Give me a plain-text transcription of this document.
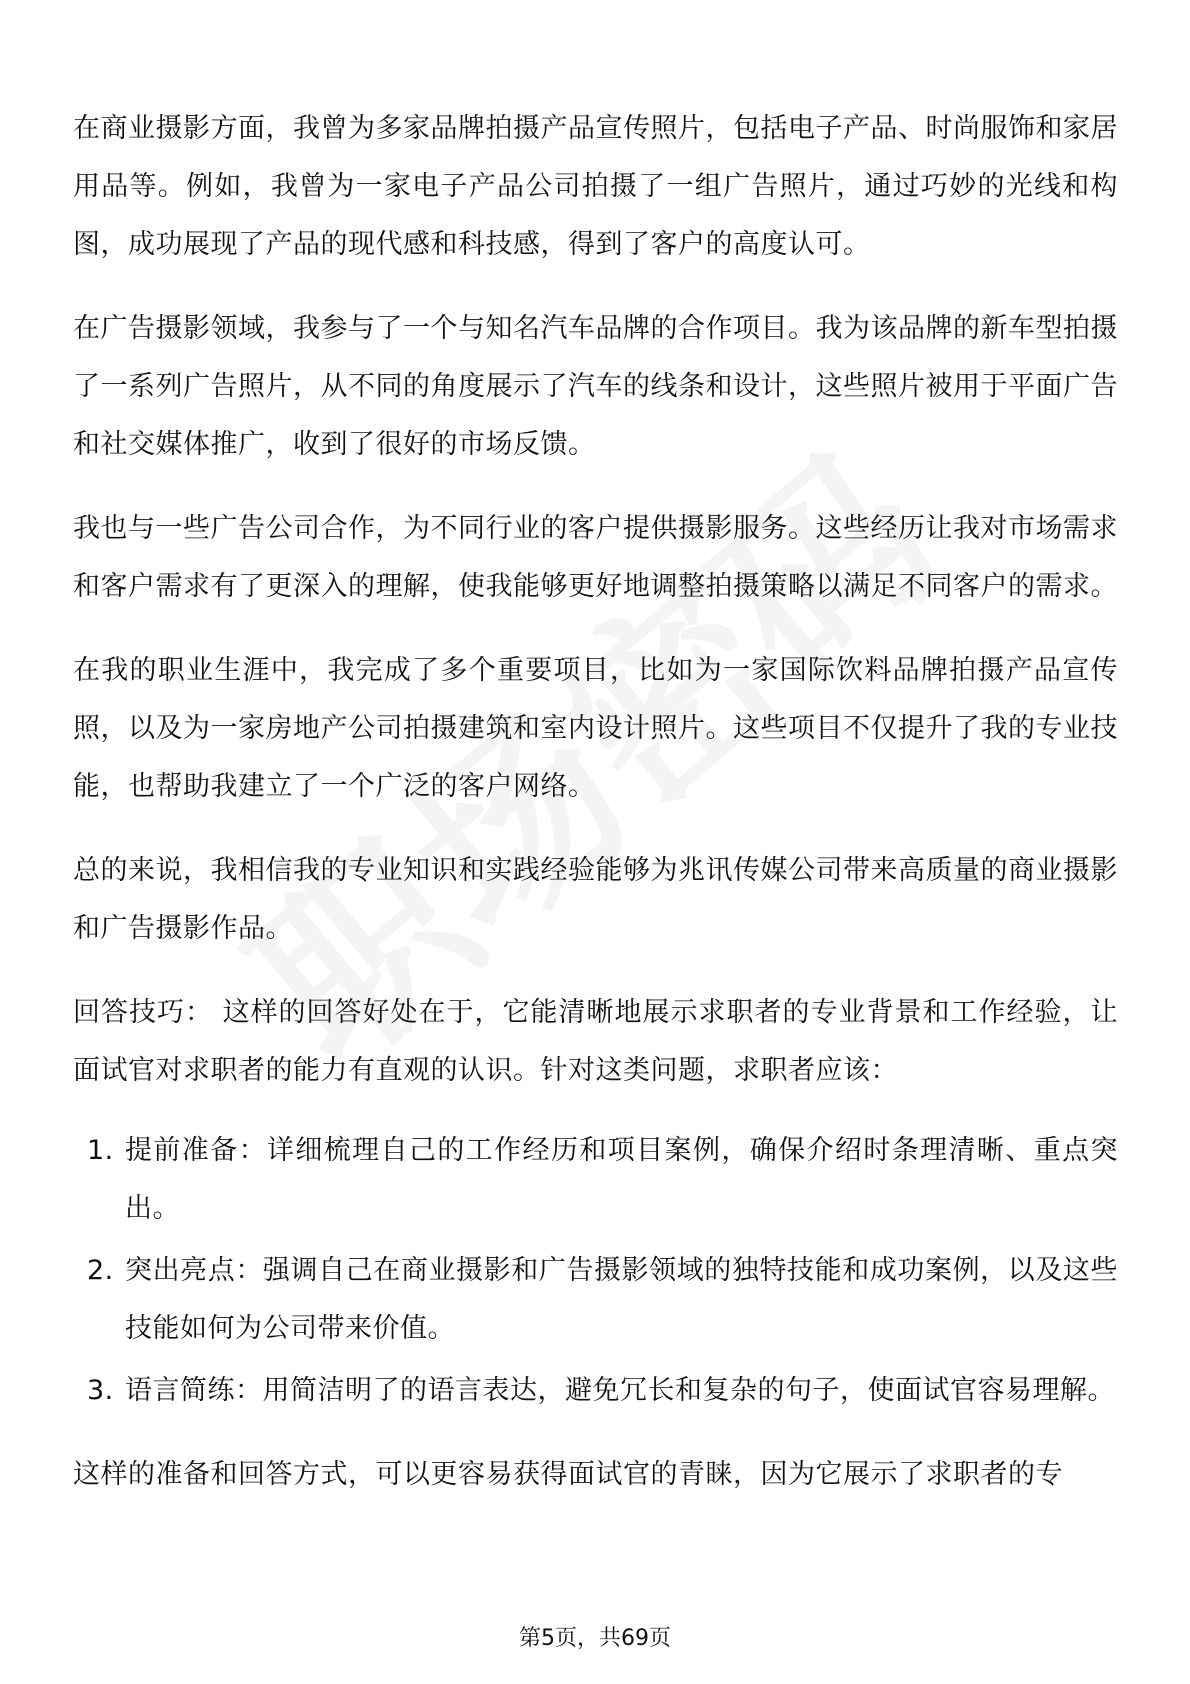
在商业摄影方面，我曾为多家品牌拍摄产品宣传照片，包括电子产品、时尚服饰和家居用品等。例如，我曾为一家电子产品公司拍摄了一组广告照片，通过巧妙的光线和构图，成功展现了产品的现代感和科技感，得到了客户的高度认可。

在广告摄影领域，我参与了一个与知名汽车品牌的合作项目。我为该品牌的新车型拍摄了一系列广告照片，从不同的角度展示了汽车的线条和设计，这些照片被用于平面广告和社交媒体推广，收到了很好的市场反馈。

我也与一些广告公司合作，为不同行业的客户提供摄影服务。这些经历让我对市场需求和客户需求有了更深入的理解，使我能够更好地调整拍摄策略以满足不同客户的需求。

在我的职业生涯中，我完成了多个重要项目，比如为一家国际饮料品牌拍摄产品宣传照，以及为一家房地产公司拍摄建筑和室内设计照片。这些项目不仅提升了我的专业技能，也帮助我建立了一个广泛的客户网络。

总的来说，我相信我的专业知识和实践经验能够为兆讯传媒公司带来高质量的商业摄影和广告摄影作品。

回答技巧： 这样的回答好处在于，它能清晰地展示求职者的专业背景和工作经验，让面试官对求职者的能力有直观的认识。针对这类问题，求职者应该：

1. 提前准备：详细梳理自己的工作经历和项目案例，确保介绍时条理清晰、重点突出。
2. 突出亮点：强调自己在商业摄影和广告摄影领域的独特技能和成功案例，以及这些技能如何为公司带来价值。
3. 语言简练：用简洁明了的语言表达，避免冗长和复杂的句子，使面试官容易理解。

这样的准备和回答方式，可以更容易获得面试官的青睐，因为它展示了求职者的专

第5页，共69页
